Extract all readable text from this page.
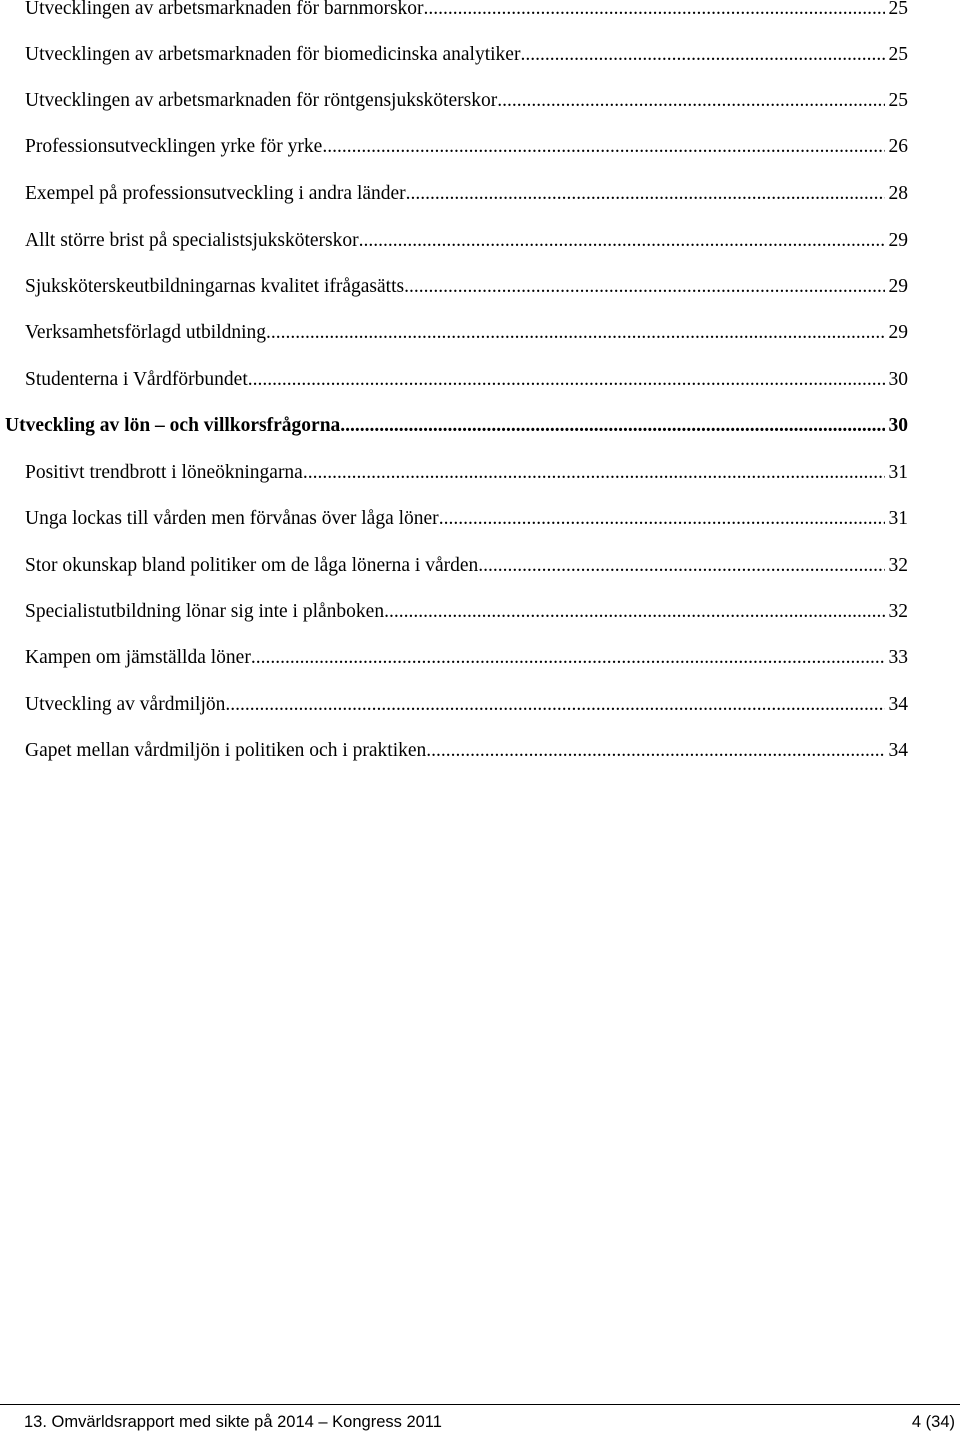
Utvecklingen av arbetsmarknaden för barnmorskor .....	25
Utvecklingen av arbetsmarknaden för biomedicinska analytiker .....	25
Utvecklingen av arbetsmarknaden för röntgensjuksköterskor .....	25
Professionsutvecklingen yrke för yrke .....	26
Exempel på professionsutveckling i andra länder .....	28
Allt större brist på specialistsjuksköterskor .....	29
Sjuksköterskeutbildningarnas kvalitet ifrågasätts .....	29
Verksamhetsförlagd utbildning .....	29
Studenterna i Vårdförbundet .....	30
Utveckling av lön – och villkorsfrågorna .....	30
Positivt trendbrott i löneökningarna .....	31
Unga lockas till vården men förvånas över låga löner .....	31
Stor okunskap bland politiker om de låga lönerna i vården .....	32
Specialistutbildning lönar sig inte i plånboken .....	32
Kampen om jämställda löner .....	33
Utveckling av vårdmiljön .....	34
Gapet mellan vårdmiljön i politiken och i praktiken .....	34
13. Omvärldsrapport med sikte på 2014 – Kongress 2011	4 (34)
